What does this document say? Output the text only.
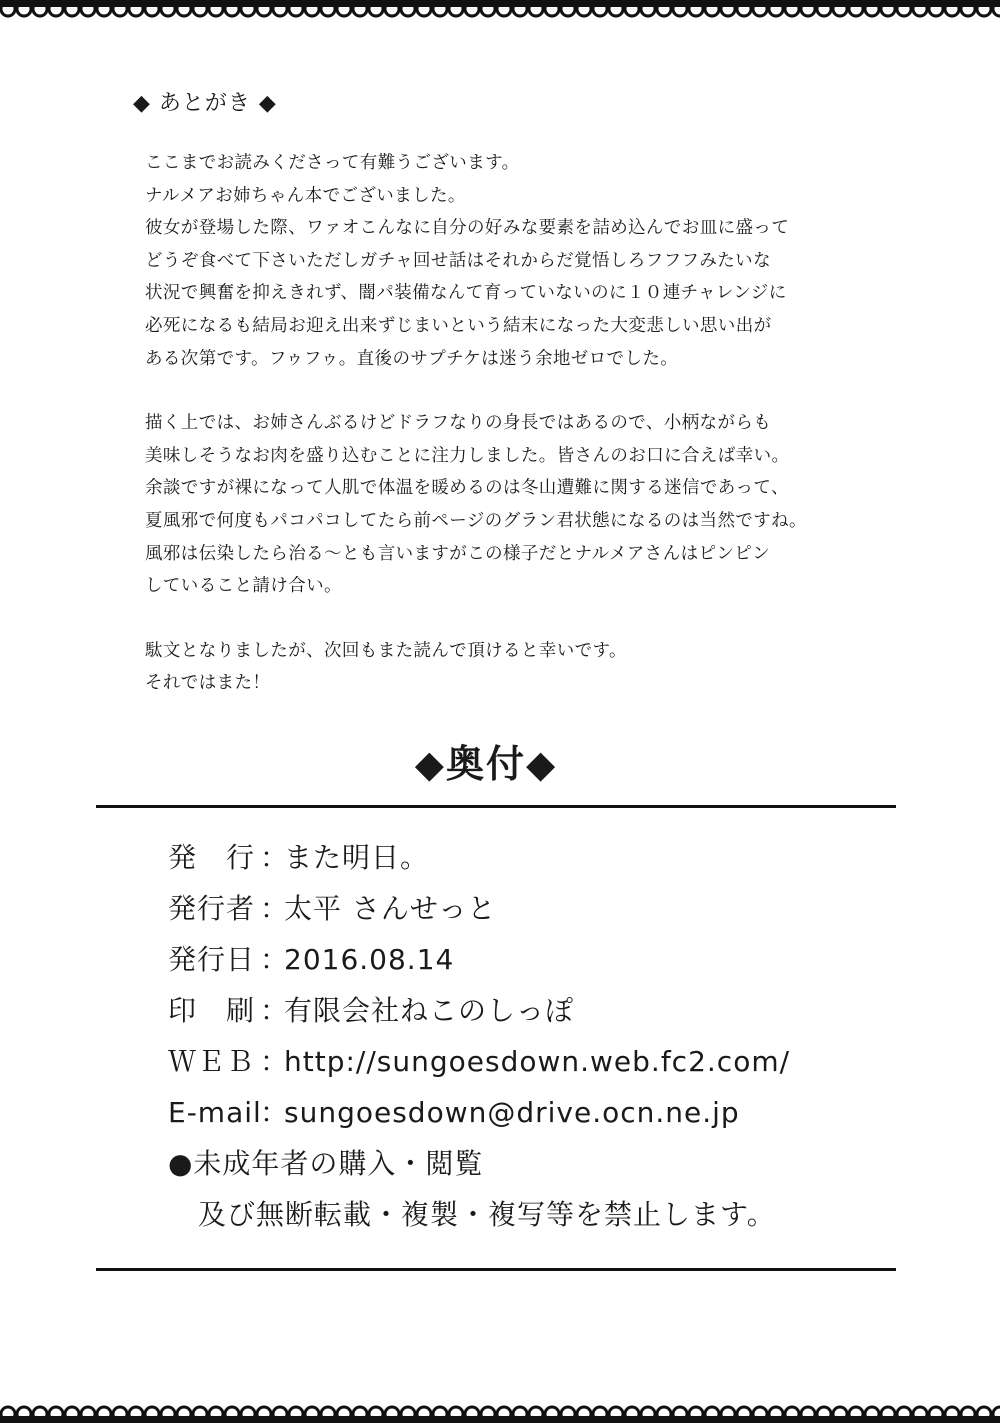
◆ あとがき ◆

ここまでお読みくださって有難うございます。

ナルメアお姉ちゃん本でございました。

彼女が登場した際、ワァオこんなに自分の好みな要素を詰め込んでお皿に盛って

どうぞ食べて下さいただしガチャ回せ話はそれからだ覚悟しろフフフみたいな

状況で興奮を抑えきれず、闇パ装備なんて育っていないのに１０連チャレンジに

必死になるも結局お迎え出来ずじまいという結末になった大変悲しい思い出が

ある次第です。フゥフゥ。直後のサプチケは迷う余地ゼロでした。

描く上では、お姉さんぶるけどドラフなりの身長ではあるので、小柄ながらも

美味しそうなお肉を盛り込むことに注力しました。皆さんのお口に合えば幸い。

余談ですが裸になって人肌で体温を暖めるのは冬山遭難に関する迷信であって、

夏風邪で何度もパコパコしてたら前ページのグラン君状態になるのは当然ですね。

風邪は伝染したら治る～とも言いますがこの様子だとナルメアさんはピンピン

していること請け合い。

駄文となりましたが、次回もまた読んで頂けると幸いです。

それではまた！

◆奥付◆
発　行 ：また明日。
発行者 ：太平 さんせっと
発行日 ：2016.08.14
印　刷 ：有限会社ねこのしっぽ
ＷＥＢ ：http://sungoesdown.web.fc2.com/
E-mail：sungoesdown@drive.ocn.ne.jp
●未成年者の購入・閲覧
及び無断転載・複製・複写等を禁止します。
